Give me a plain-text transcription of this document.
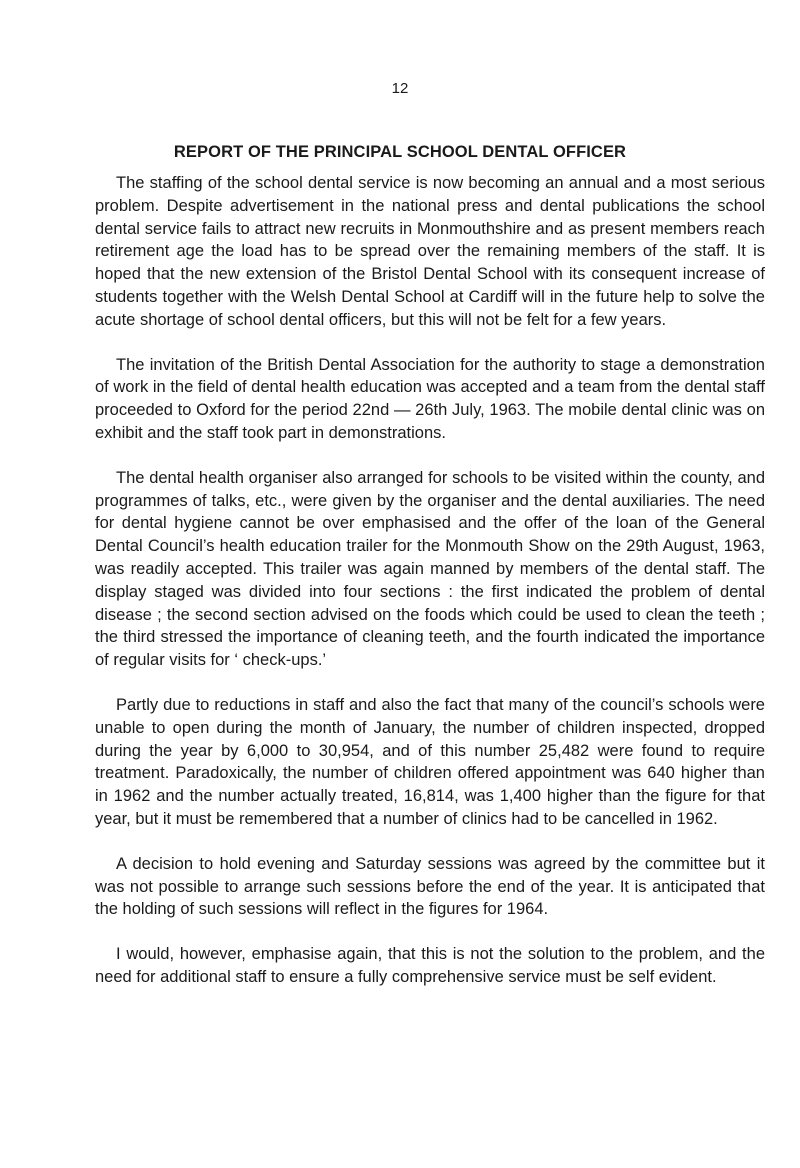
12
REPORT OF THE PRINCIPAL SCHOOL DENTAL OFFICER

The staffing of the school dental service is now becoming an annual and a most serious problem. Despite advertisement in the national press and dental publications the school dental service fails to attract new recruits in Monmouthshire and as present members reach retirement age the load has to be spread over the remaining members of the staff. It is hoped that the new extension of the Bristol Dental School with its consequent increase of students together with the Welsh Dental School at Cardiff will in the future help to solve the acute shortage of school dental officers, but this will not be felt for a few years.

The invitation of the British Dental Association for the authority to stage a demonstration of work in the field of dental health education was accepted and a team from the dental staff proceeded to Oxford for the period 22nd — 26th July, 1963. The mobile dental clinic was on exhibit and the staff took part in demonstrations.

The dental health organiser also arranged for schools to be visited within the county, and programmes of talks, etc., were given by the organiser and the dental auxiliaries. The need for dental hygiene cannot be over emphasised and the offer of the loan of the General Dental Council’s health education trailer for the Monmouth Show on the 29th August, 1963, was readily accepted. This trailer was again manned by members of the dental staff. The display staged was divided into four sections : the first indicated the problem of dental disease ; the second section advised on the foods which could be used to clean the teeth ; the third stressed the importance of cleaning teeth, and the fourth indicated the importance of regular visits for ‘ check-ups.’

Partly due to reductions in staff and also the fact that many of the council’s schools were unable to open during the month of January, the number of children inspected, dropped during the year by 6,000 to 30,954, and of this number 25,482 were found to require treatment. Paradoxically, the number of children offered appointment was 640 higher than in 1962 and the number actually treated, 16,814, was 1,400 higher than the figure for that year, but it must be remembered that a number of clinics had to be cancelled in 1962.

A decision to hold evening and Saturday sessions was agreed by the committee but it was not possible to arrange such sessions before the end of the year. It is anticipated that the holding of such sessions will reflect in the figures for 1964.

I would, however, emphasise again, that this is not the solution to the problem, and the need for additional staff to ensure a fully comprehensive service must be self evident.
